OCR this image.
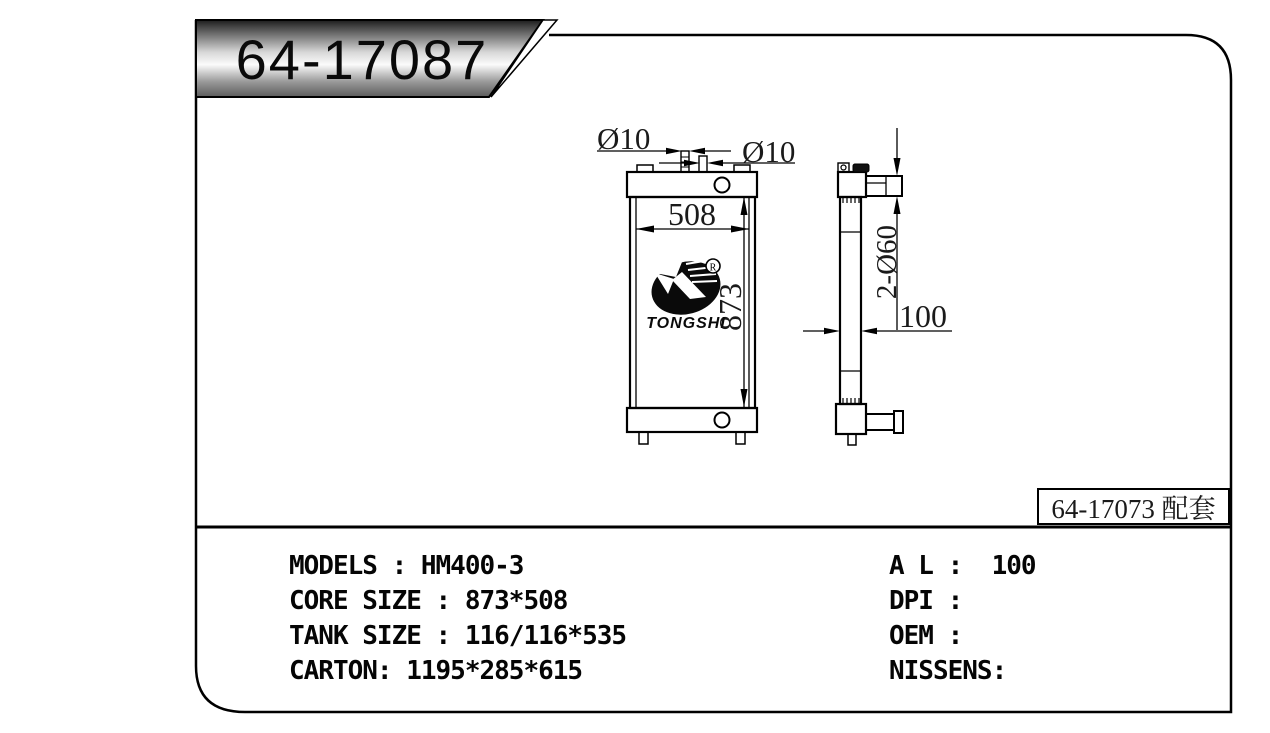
Ø10	Ø10
508
873
2-Ø60
100
R
TONGSHI
64-17087
64-17073 配套
MODELS : HM400-3
CORE SIZE : 873*508
TANK SIZE : 116/116*535
CARTON: 1195*285*615
A L :  100
DPI :
OEM :
NISSENS:
